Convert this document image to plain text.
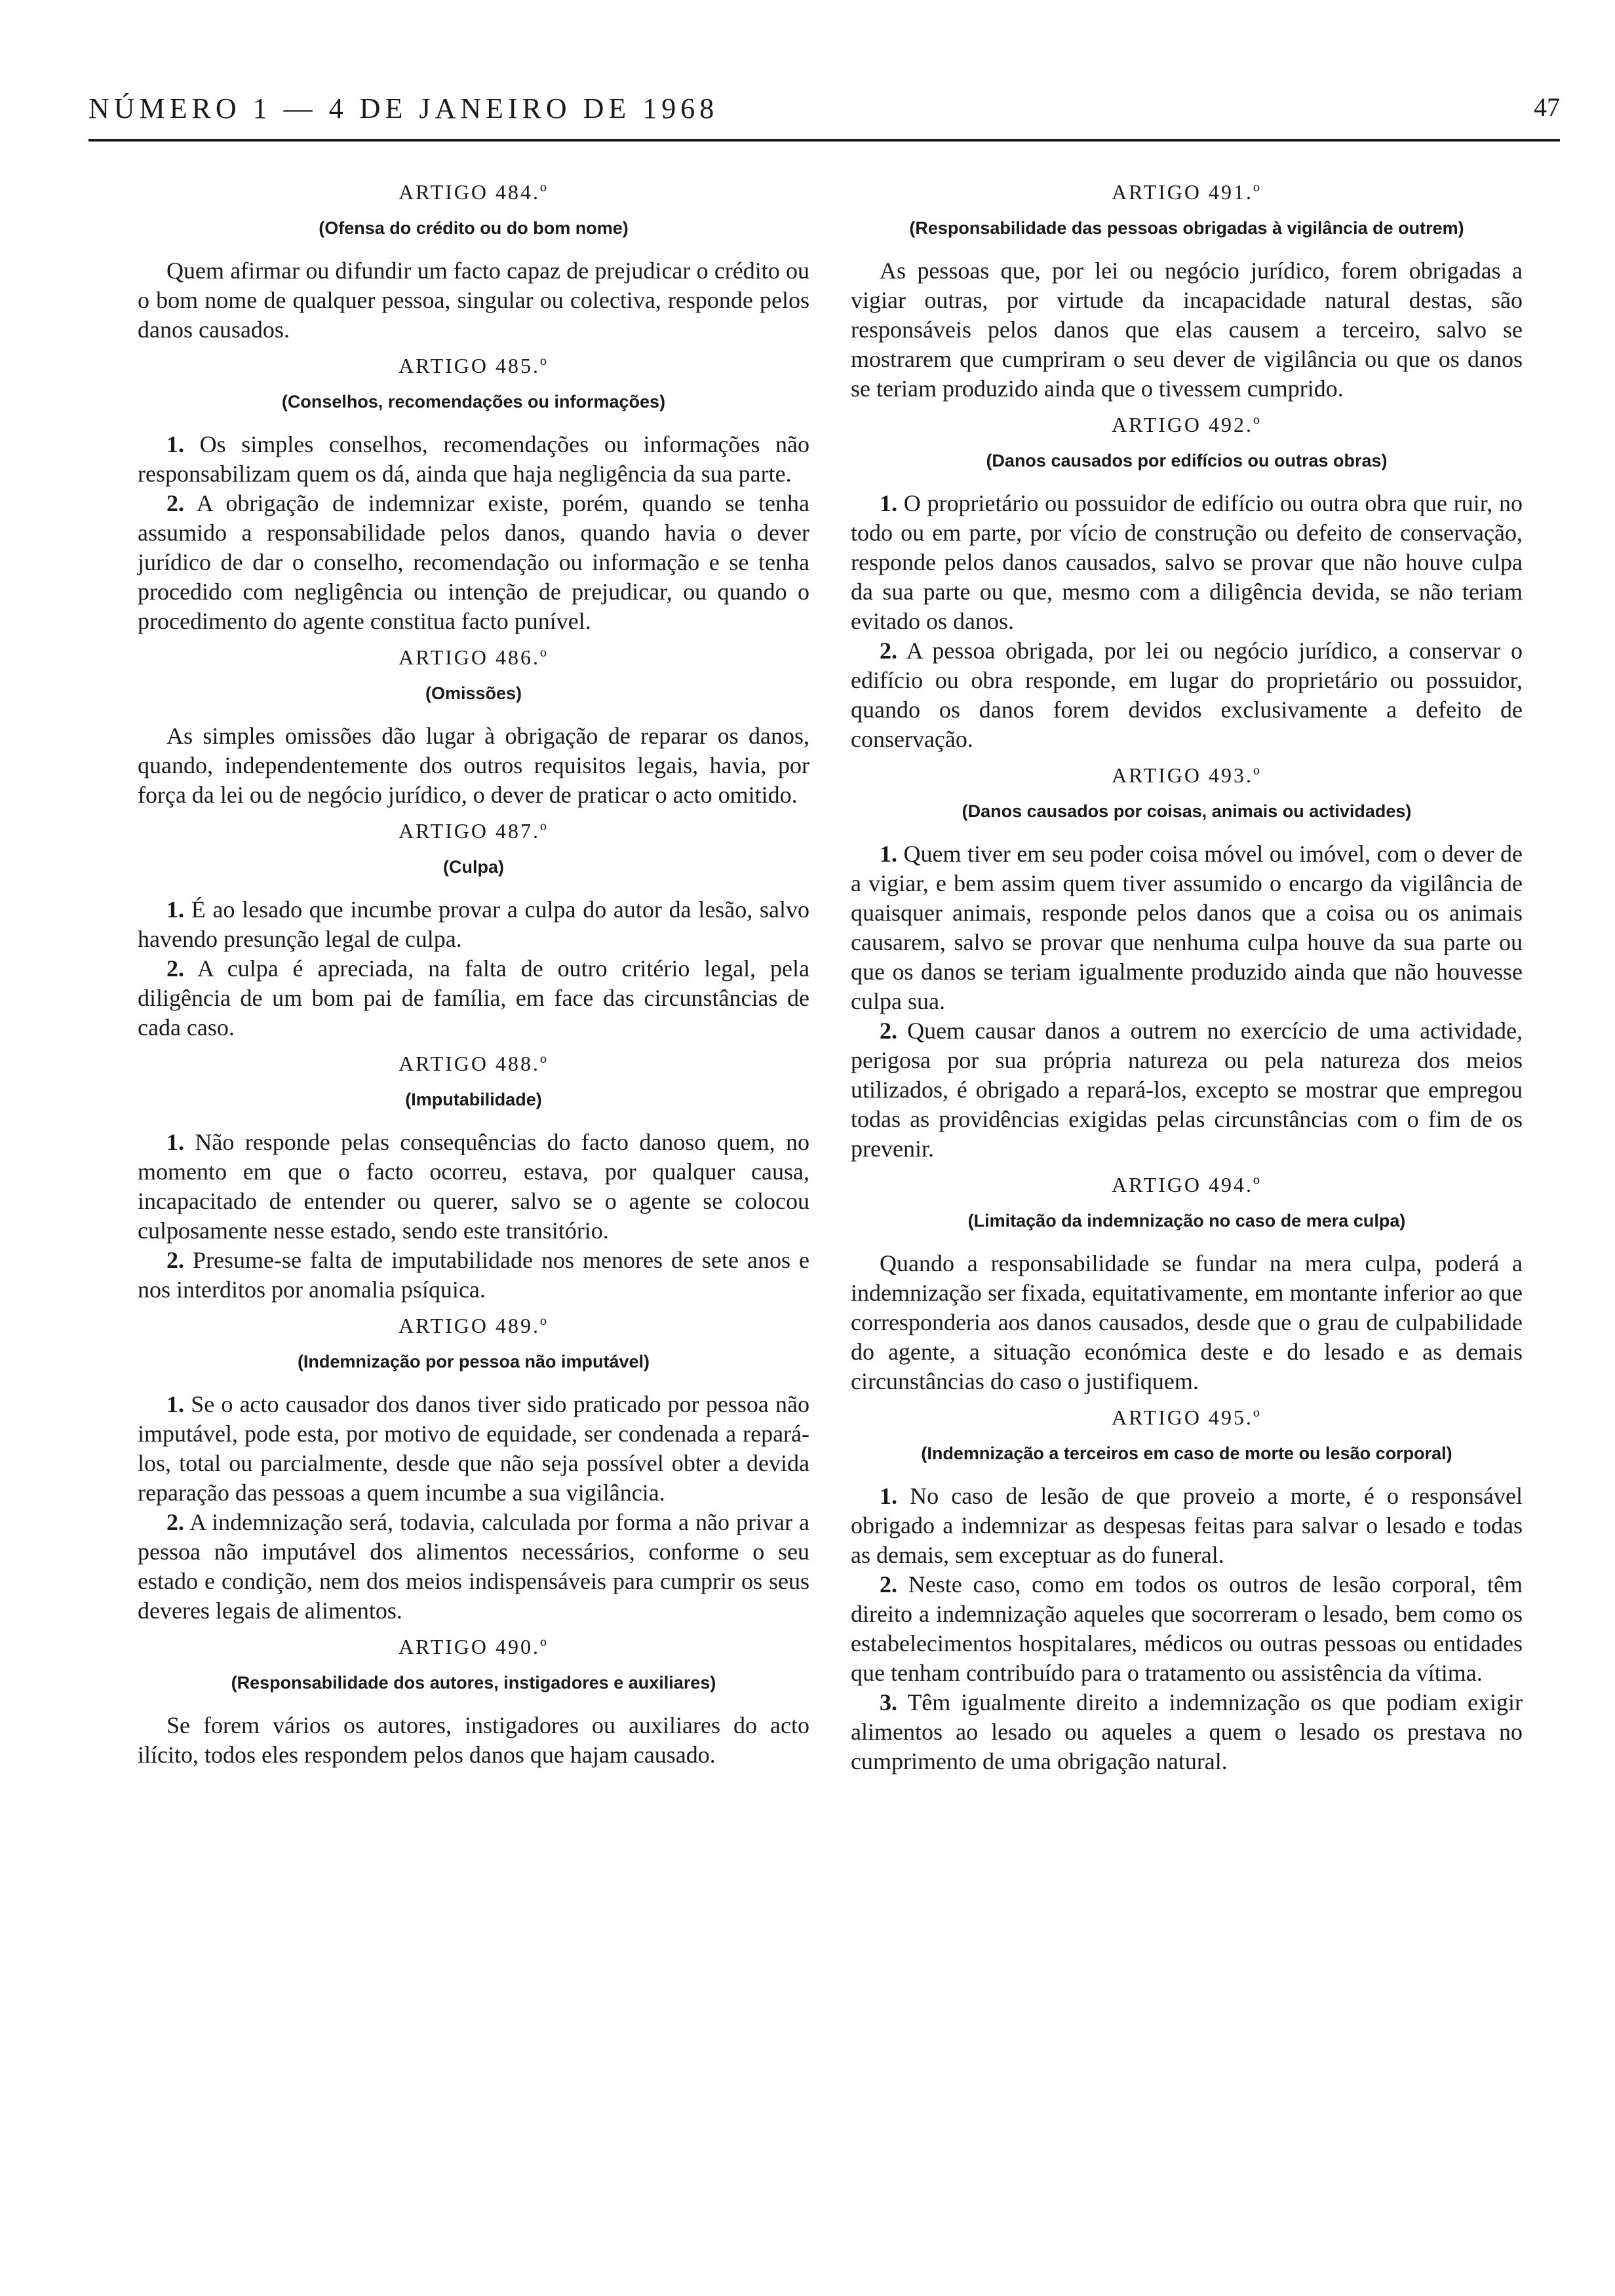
NÚMERO 1 — 4 DE JANEIRO DE 1968	47
ARTIGO 484.º
(Ofensa do crédito ou do bom nome)

Quem afirmar ou difundir um facto capaz de prejudicar o crédito ou o bom nome de qualquer pessoa, singular ou colectiva, responde pelos danos causados.

ARTIGO 485.º
(Conselhos, recomendações ou informações)

1. Os simples conselhos, recomendações ou informações não responsabilizam quem os dá, ainda que haja negligência da sua parte.

2. A obrigação de indemnizar existe, porém, quando se tenha assumido a responsabilidade pelos danos, quando havia o dever jurídico de dar o conselho, recomendação ou informação e se tenha procedido com negligência ou intenção de prejudicar, ou quando o procedimento do agente constitua facto punível.

ARTIGO 486.º
(Omissões)

As simples omissões dão lugar à obrigação de reparar os danos, quando, independentemente dos outros requisitos legais, havia, por força da lei ou de negócio jurídico, o dever de praticar o acto omitido.

ARTIGO 487.º
(Culpa)

1. É ao lesado que incumbe provar a culpa do autor da lesão, salvo havendo presunção legal de culpa.

2. A culpa é apreciada, na falta de outro critério legal, pela diligência de um bom pai de família, em face das circunstâncias de cada caso.

ARTIGO 488.º
(Imputabilidade)

1. Não responde pelas consequências do facto danoso quem, no momento em que o facto ocorreu, estava, por qualquer causa, incapacitado de entender ou querer, salvo se o agente se colocou culposamente nesse estado, sendo este transitório.

2. Presume-se falta de imputabilidade nos menores de sete anos e nos interditos por anomalia psíquica.

ARTIGO 489.º
(Indemnização por pessoa não imputável)

1. Se o acto causador dos danos tiver sido praticado por pessoa não imputável, pode esta, por motivo de equidade, ser condenada a repará-los, total ou parcialmente, desde que não seja possível obter a devida reparação das pessoas a quem incumbe a sua vigilância.

2. A indemnização será, todavia, calculada por forma a não privar a pessoa não imputável dos alimentos necessários, conforme o seu estado e condição, nem dos meios indispensáveis para cumprir os seus deveres legais de alimentos.

ARTIGO 490.º
(Responsabilidade dos autores, instigadores e auxiliares)

Se forem vários os autores, instigadores ou auxiliares do acto ilícito, todos eles respondem pelos danos que hajam causado.

ARTIGO 491.º
(Responsabilidade das pessoas obrigadas à vigilância de outrem)

As pessoas que, por lei ou negócio jurídico, forem obrigadas a vigiar outras, por virtude da incapacidade natural destas, são responsáveis pelos danos que elas causem a terceiro, salvo se mostrarem que cumpriram o seu dever de vigilância ou que os danos se teriam produzido ainda que o tivessem cumprido.

ARTIGO 492.º
(Danos causados por edifícios ou outras obras)

1. O proprietário ou possuidor de edifício ou outra obra que ruir, no todo ou em parte, por vício de construção ou defeito de conservação, responde pelos danos causados, salvo se provar que não houve culpa da sua parte ou que, mesmo com a diligência devida, se não teriam evitado os danos.

2. A pessoa obrigada, por lei ou negócio jurídico, a conservar o edifício ou obra responde, em lugar do proprietário ou possuidor, quando os danos forem devidos exclusivamente a defeito de conservação.

ARTIGO 493.º
(Danos causados por coisas, animais ou actividades)

1. Quem tiver em seu poder coisa móvel ou imóvel, com o dever de a vigiar, e bem assim quem tiver assumido o encargo da vigilância de quaisquer animais, responde pelos danos que a coisa ou os animais causarem, salvo se provar que nenhuma culpa houve da sua parte ou que os danos se teriam igualmente produzido ainda que não houvesse culpa sua.

2. Quem causar danos a outrem no exercício de uma actividade, perigosa por sua própria natureza ou pela natureza dos meios utilizados, é obrigado a repará-los, excepto se mostrar que empregou todas as providências exigidas pelas circunstâncias com o fim de os prevenir.

ARTIGO 494.º
(Limitação da indemnização no caso de mera culpa)

Quando a responsabilidade se fundar na mera culpa, poderá a indemnização ser fixada, equitativamente, em montante inferior ao que corresponderia aos danos causados, desde que o grau de culpabilidade do agente, a situação económica deste e do lesado e as demais circunstâncias do caso o justifiquem.

ARTIGO 495.º
(Indemnização a terceiros em caso de morte ou lesão corporal)

1. No caso de lesão de que proveio a morte, é o responsável obrigado a indemnizar as despesas feitas para salvar o lesado e todas as demais, sem exceptuar as do funeral.

2. Neste caso, como em todos os outros de lesão corporal, têm direito a indemnização aqueles que socorreram o lesado, bem como os estabelecimentos hospitalares, médicos ou outras pessoas ou entidades que tenham contribuído para o tratamento ou assistência da vítima.

3. Têm igualmente direito a indemnização os que podiam exigir alimentos ao lesado ou aqueles a quem o lesado os prestava no cumprimento de uma obrigação natural.
